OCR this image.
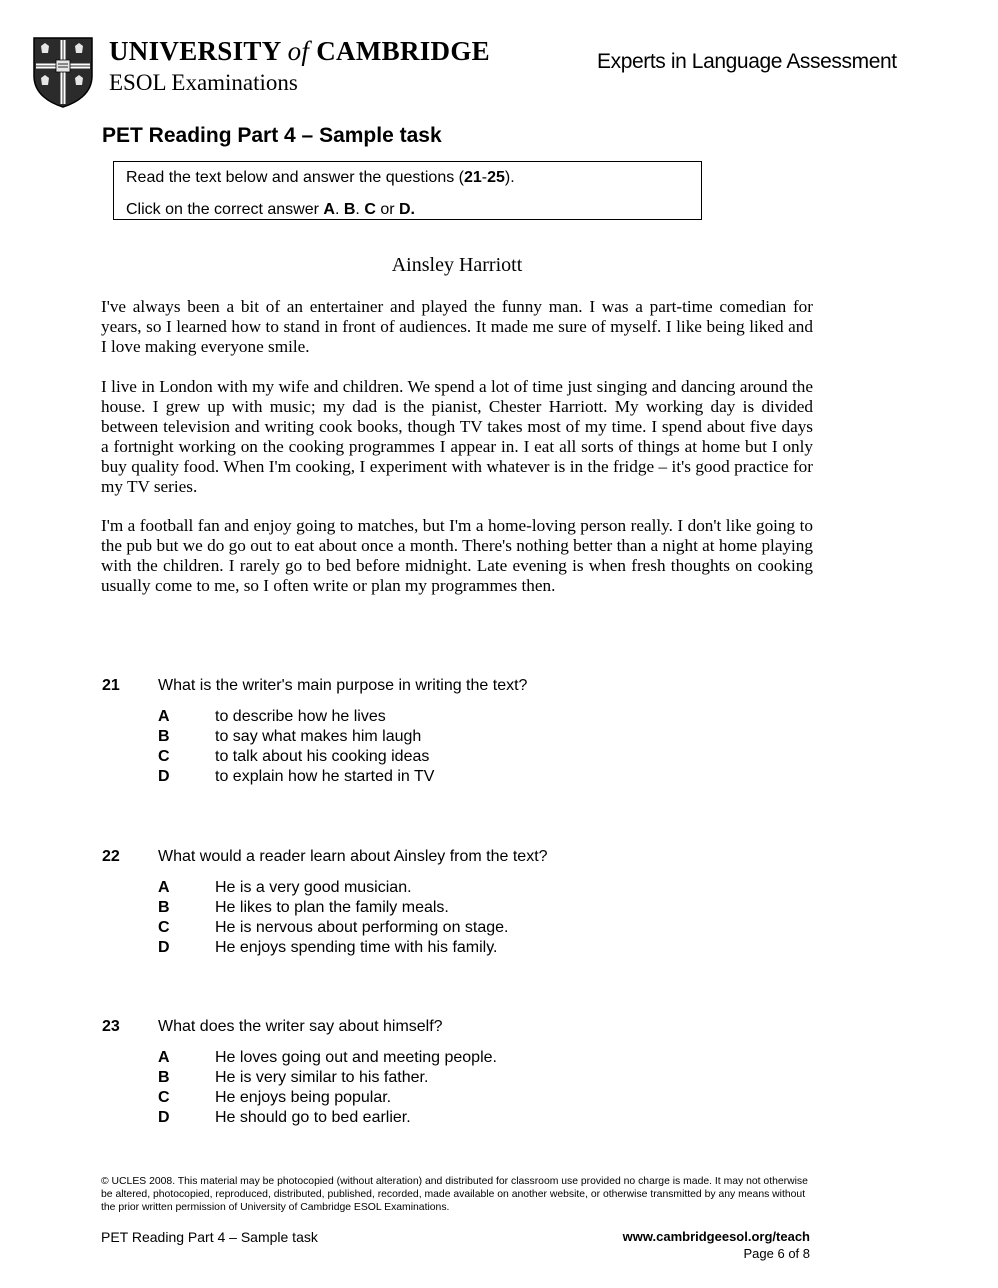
UNIVERSITY of CAMBRIDGE
ESOL Examinations
Experts in Language Assessment
PET Reading Part 4 – Sample task
Read the text below and answer the questions (21-25).
Click on the correct answer A. B. C or D.
Ainsley Harriott

I've always been a bit of an entertainer and played the funny man. I was a part-time comedian for years, so I learned how to stand in front of audiences. It made me sure of myself. I like being liked and I love making everyone smile.

I live in London with my wife and children. We spend a lot of time just singing and dancing around the house. I grew up with music; my dad is the pianist, Chester Harriott. My working day is divided between television and writing cook books, though TV takes most of my time. I spend about five days a fortnight working on the cooking programmes I appear in. I eat all sorts of things at home but I only buy quality food. When I'm cooking, I experiment with whatever is in the fridge – it's good practice for my TV series.

I'm a football fan and enjoy going to matches, but I'm a home-loving person really. I don't like going to the pub but we do go out to eat about once a month. There's nothing better than a night at home playing with the children. I rarely go to bed before midnight. Late evening is when fresh thoughts on cooking usually come to me, so I often write or plan my programmes then.

21 What is the writer's main purpose in writing the text?
A	to describe how he lives
B	to say what makes him laugh
C	to talk about his cooking ideas
D	to explain how he started in TV
22 What would a reader learn about Ainsley from the text?
A	He is a very good musician.
B	He likes to plan the family meals.
C	He is nervous about performing on stage.
D	He enjoys spending time with his family.
23 What does the writer say about himself?
A	He loves going out and meeting people.
B	He is very similar to his father.
C	He enjoys being popular.
D	He should go to bed earlier.

© UCLES 2008. This material may be photocopied (without alteration) and distributed for classroom use provided no charge is made. It may not otherwise be altered, photocopied, reproduced, distributed, published, recorded, made available on another website, or otherwise transmitted by any means without the prior written permission of University of Cambridge ESOL Examinations.

PET Reading Part 4 – Sample task	www.cambridgeesol.org/teach
Page 6 of 8
